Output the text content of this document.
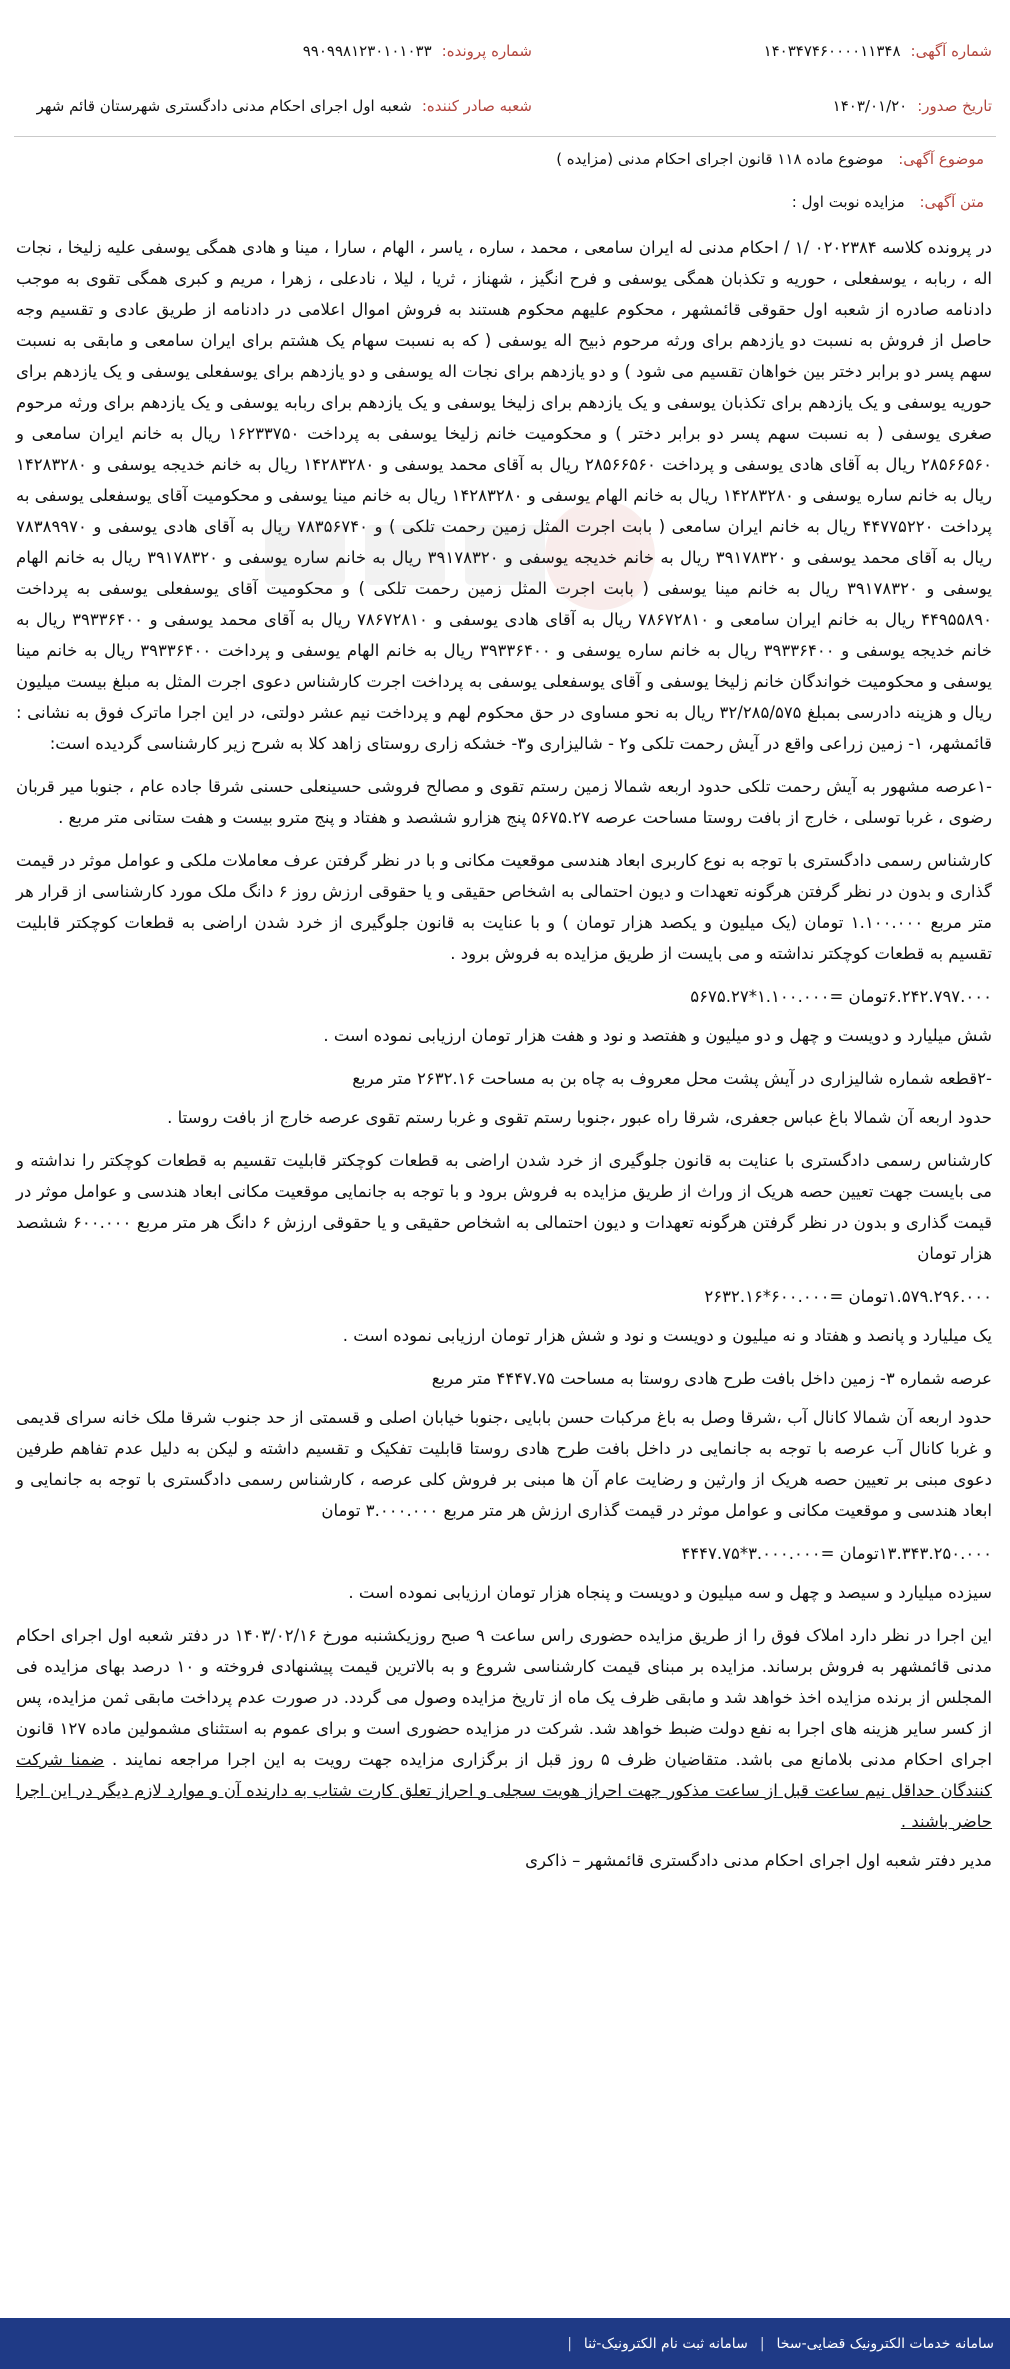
شماره آگهی:
۱۴۰۳۴۷۴۶۰۰۰۰۱۱۳۴۸
شماره پرونده:
۹۹۰۹۹۸۱۲۳۰۱۰۱۰۳۳
تاریخ صدور:
۱۴۰۳/۰۱/۲۰
شعبه صادر کننده:
شعبه اول اجرای احکام مدنی دادگستری شهرستان قائم شهر
موضوع آگهی: موضوع ماده ۱۱۸ قانون اجرای احکام مدنی (مزایده )
متن آگهی: مزایده نوبت اول :

در پرونده کلاسه ۰۲۰۲۳۸۴ /۱ / احکام مدنی له ایران سامعی ، محمد ، ساره ، یاسر ، الهام ، سارا ، مینا و هادی همگی یوسفی علیه زلیخا ، نجات اله ، ربابه ، یوسفعلی ، حوریه و تکذبان همگی یوسفی و فرح انگیز ، شهناز ، ثریا ، لیلا ، نادعلی ، زهرا ، مریم و کبری همگی تقوی به موجب دادنامه صادره از شعبه اول حقوقی قائمشهر ، محکوم علیهم محکوم هستند به فروش اموال اعلامی در دادنامه از طریق عادی و تقسیم وجه حاصل از فروش به نسبت دو یازدهم برای ورثه مرحوم ذبیح اله یوسفی ( که به نسبت سهام یک هشتم برای ایران سامعی و مابقی به نسبت سهم پسر دو برابر دختر بین خواهان تقسیم می شود ) و دو یازدهم برای نجات اله یوسفی و دو یازدهم برای یوسفعلی یوسفی و یک یازدهم برای حوریه یوسفی و یک یازدهم برای تکذبان یوسفی و یک یازدهم برای زلیخا یوسفی و یک یازدهم برای ربابه یوسفی و یک یازدهم برای ورثه مرحوم صغری یوسفی ( به نسبت سهم پسر دو برابر دختر ) و محکومیت خانم زلیخا یوسفی به پرداخت ۱۶۲۳۳۷۵۰ ریال به خانم ایران سامعی و ۲۸۵۶۶۵۶۰ ریال به آقای هادی یوسفی و پرداخت ۲۸۵۶۶۵۶۰ ریال به آقای محمد یوسفی و ۱۴۲۸۳۲۸۰ ریال به خانم خدیجه یوسفی و ۱۴۲۸۳۲۸۰ ریال به خانم ساره یوسفی و ۱۴۲۸۳۲۸۰ ریال به خانم الهام یوسفی و ۱۴۲۸۳۲۸۰ ریال به خانم مینا یوسفی و محکومیت آقای یوسفعلی یوسفی به پرداخت ۴۴۷۷۵۲۲۰ ریال به خانم ایران سامعی ( بابت اجرت المثل زمین رحمت تلکی ) و ۷۸۳۵۶۷۴۰ ریال به آقای هادی یوسفی و ۷۸۳۸۹۹۷۰ ریال به آقای محمد یوسفی و ۳۹۱۷۸۳۲۰ ریال به خانم خدیجه یوسفی و ۳۹۱۷۸۳۲۰ ریال به خانم ساره یوسفی و ۳۹۱۷۸۳۲۰ ریال به خانم الهام یوسفی و ۳۹۱۷۸۳۲۰ ریال به خانم مینا یوسفی ( بابت اجرت المثل زمین رحمت تلکی ) و محکومیت آقای یوسفعلی یوسفی به پرداخت ۴۴۹۵۵۸۹۰ ریال به خانم ایران سامعی و ۷۸۶۷۲۸۱۰ ریال به آقای هادی یوسفی و ۷۸۶۷۲۸۱۰ ریال به آقای محمد یوسفی و ۳۹۳۳۶۴۰۰ ریال به خانم خدیجه یوسفی و ۳۹۳۳۶۴۰۰ ریال به خانم ساره یوسفی و ۳۹۳۳۶۴۰۰ ریال به خانم الهام یوسفی و پرداخت ۳۹۳۳۶۴۰۰ ریال به خانم مینا یوسفی و محکومیت خواندگان خانم زلیخا یوسفی و آقای یوسفعلی یوسفی به پرداخت اجرت کارشناس دعوی اجرت المثل به مبلغ بیست میلیون ریال و هزینه دادرسی بمبلغ ۳۲/۲۸۵/۵۷۵ ریال به نحو مساوی در حق محکوم لهم و پرداخت نیم عشر دولتی، در این اجرا ماترک فوق به نشانی : قائمشهر، ۱- زمین زراعی واقع در آیش رحمت تلکی و۲ - شالیزاری و۳- خشکه زاری روستای زاهد کلا به شرح زیر کارشناسی گردیده است:

-۱عرصه مشهور به آیش رحمت تلکی حدود اربعه شمالا زمین رستم تقوی و مصالح فروشی حسینعلی حسنی شرقا جاده عام ، جنوبا میر قربان رضوی ، غربا توسلی ، خارج از بافت روستا مساحت عرصه ۵۶۷۵.۲۷ پنج هزارو ششصد و هفتاد و پنج مترو بیست و هفت ستانی متر مربع .

کارشناس رسمی دادگستری با توجه به نوع کاربری ابعاد هندسی موقعیت مکانی و با در نظر گرفتن عرف معاملات ملکی و عوامل موثر در قیمت گذاری و بدون در نظر گرفتن هرگونه تعهدات و دیون احتمالی به اشخاص حقیقی و یا حقوقی ارزش روز ۶ دانگ ملک مورد کارشناسی از قرار هر متر مربع ۱.۱۰۰.۰۰۰ تومان (یک میلیون و یکصد هزار تومان ) و با عنایت به قانون جلوگیری از خرد شدن اراضی به قطعات کوچکتر قابلیت تقسیم به قطعات کوچکتر نداشته و می بایست از طریق مزایده به فروش برود .

۶.۲۴۲.۷۹۷.۰۰۰تومان =۱.۱۰۰.۰۰۰*۵۶۷۵.۲۷

شش میلیارد و دویست و چهل و دو میلیون و هفتصد و نود و هفت هزار تومان ارزیابی نموده است .

-۲قطعه شماره شالیزاری در آیش پشت محل معروف به چاه بن به مساحت ۲۶۳۲.۱۶ متر مربع

حدود اربعه آن شمالا باغ عباس جعفری، شرقا راه عبور ،جنوبا رستم تقوی و غربا رستم تقوی عرصه خارج از بافت روستا .

کارشناس رسمی دادگستری با عنایت به قانون جلوگیری از خرد شدن اراضی به قطعات کوچکتر قابلیت تقسیم به قطعات کوچکتر را نداشته و می بایست جهت تعیین حصه هریک از وراث از طریق مزایده به فروش برود و با توجه به جانمایی موقعیت مکانی ابعاد هندسی و عوامل موثر در قیمت گذاری و بدون در نظر گرفتن هرگونه تعهدات و دیون احتمالی به اشخاص حقیقی و یا حقوقی ارزش ۶ دانگ هر متر مربع ۶۰۰.۰۰۰ ششصد هزار تومان

۱.۵۷۹.۲۹۶.۰۰۰تومان =۶۰۰.۰۰۰*۲۶۳۲.۱۶

یک میلیارد و پانصد و هفتاد و نه میلیون و دویست و نود و شش هزار تومان ارزیابی نموده است .

عرصه شماره ۳- زمین داخل بافت طرح هادی روستا به مساحت ۴۴۴۷.۷۵ متر مربع

حدود اربعه آن شمالا کانال آب ،شرقا وصل به باغ مرکبات حسن بابایی ،جنوبا خیابان اصلی و قسمتی از حد جنوب شرقا ملک خانه سرای قدیمی و غربا کانال آب عرصه با توجه به جانمایی در داخل بافت طرح هادی روستا قابلیت تفکیک و تقسیم داشته و لیکن به دلیل عدم تفاهم طرفین دعوی مبنی بر تعیین حصه هریک از وارثین و رضایت عام آن ها مبنی بر فروش کلی عرصه ، کارشناس رسمی دادگستری با توجه به جانمایی و ابعاد هندسی و موقعیت مکانی و عوامل موثر در قیمت گذاری ارزش هر متر مربع ۳.۰۰۰.۰۰۰ تومان

۱۳.۳۴۳.۲۵۰.۰۰۰تومان =۳.۰۰۰.۰۰۰*۴۴۴۷.۷۵

سیزده میلیارد و سیصد و چهل و سه میلیون و دویست و پنجاه هزار تومان ارزیابی نموده است .

این اجرا در نظر دارد املاک فوق را از طریق مزایده حضوری راس ساعت ۹ صبح روزیکشنبه مورخ ۱۴۰۳/۰۲/۱۶ در دفتر شعبه اول اجرای احکام مدنی قائمشهر به فروش برساند. مزایده بر مبنای قیمت کارشناسی شروع و به بالاترین قیمت پیشنهادی فروخته و ۱۰ درصد بهای مزایده فی المجلس از برنده مزایده اخذ خواهد شد و مابقی ظرف یک ماه از تاریخ مزایده وصول می گردد. در صورت عدم پرداخت مابقی ثمن مزایده، پس از کسر سایر هزینه های اجرا به نفع دولت ضبط خواهد شد. شرکت در مزایده حضوری است و برای عموم به استثنای مشمولین ماده ۱۲۷ قانون اجرای احکام مدنی بلامانع می باشد. متقاضیان ظرف ۵ روز قبل از برگزاری مزایده جهت رویت به این اجرا مراجعه نمایند . ضمنا شرکت کنندگان حداقل نیم ساعت قبل از ساعت مذکور جهت احراز هویت سجلی و احراز تعلق کارت شتاب به دارنده آن و موارد لازم دیگر در این اجرا حاضر باشند .

مدیر دفتر شعبه اول اجرای احکام مدنی دادگستری قائمشهر – ذاکری

سامانه خدمات الکترونیک قضایی-سخا
|
سامانه ثبت نام الکترونیک-ثنا
|
